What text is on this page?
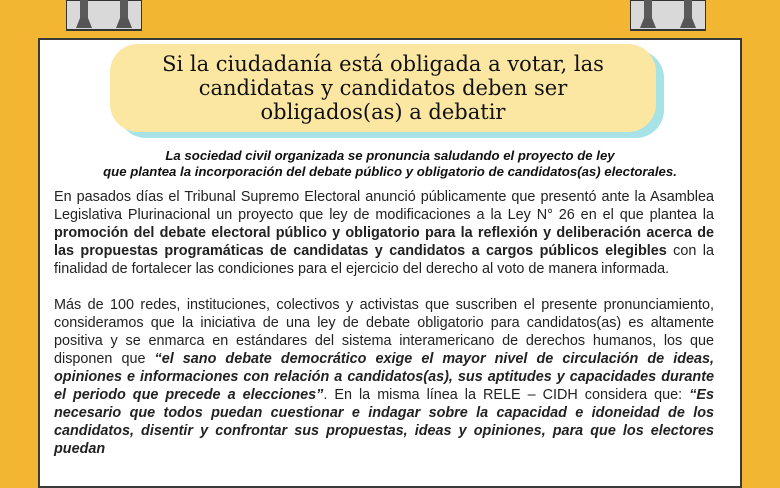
Si la ciudadanía está obligada a votar, las candidatas y candidatos deben ser obligados(as) a debatir
La sociedad civil organizada se pronuncia saludando el proyecto de ley
que plantea la incorporación del debate público y obligatorio de candidatos(as) electorales.

En pasados días el Tribunal Supremo Electoral anunció públicamente que presentó ante la Asamblea Legislativa Plurinacional un proyecto que ley de modificaciones a la Ley N° 26 en el que plantea la promoción del debate electoral público y obligatorio para la reflexión y deliberación acerca de las propuestas programáticas de candidatas y candidatos a cargos públicos elegibles con la finalidad de fortalecer las condiciones para el ejercicio del derecho al voto de manera informada.

Más de 100 redes, instituciones, colectivos y activistas que suscriben el presente pronunciamiento, consideramos que la iniciativa de una ley de debate obligatorio para candidatos(as) es altamente positiva y se enmarca en estándares del sistema interamericano de derechos humanos, los que disponen que “el sano debate democrático exige el mayor nivel de circulación de ideas, opiniones e informaciones con relación a candidatos(as), sus aptitudes y capacidades durante el periodo que precede a elecciones”. En la misma línea la RELE – CIDH considera que: “Es necesario que todos puedan cuestionar e indagar sobre la capacidad e idoneidad de los candidatos, disentir y confrontar sus propuestas, ideas y opiniones, para que los electores puedan
